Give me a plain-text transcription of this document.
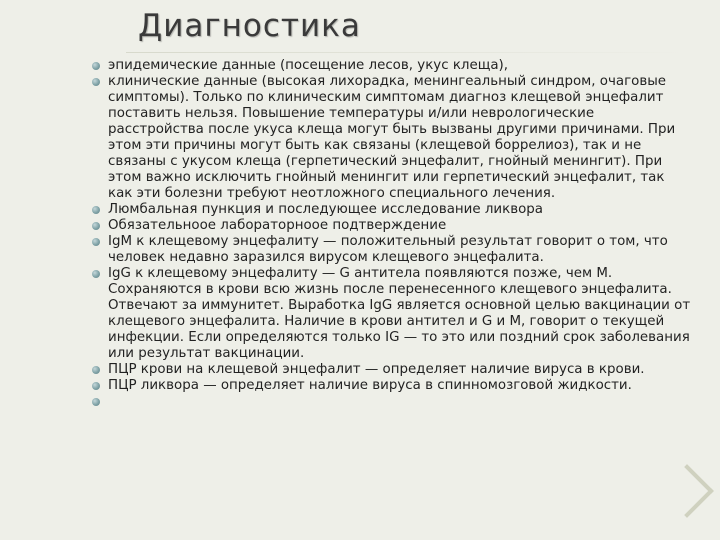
Диагностика
эпидемические данные (посещение лесов, укус клеща),
клинические данные (высокая лихорадка, менингеальный синдром, очаговые симптомы). Только по клиническим симптомам диагноз клещевой энцефалит поставить нельзя. Повышение температуры и/или неврологические расстройства после укуса клеща могут быть вызваны другими причинами. При этом эти причины могут быть как связаны (клещевой боррелиоз), так и не связаны с укусом клеща (герпетический энцефалит, гнойный менингит). При этом важно исключить гнойный менингит или герпетический энцефалит, так как эти болезни требуют неотложного специального лечения.
Люмбальная пункция и последующее исследование ликвора
Обязательноое лабораторноое подтверждение
IgM к клещевому энцефалиту — положительный результат говорит о том, что человек недавно заразился вирусом клещевого энцефалита.
IgG к клещевому энцефалиту — G антитела появляются позже, чем М. Сохраняются в крови всю жизнь после перенесенного клещевого энцефалита. Отвечают за иммунитет. Выработка IgG является основной целью вакцинации от клещевого энцефалита. Наличие в крови антител и G и M, говорит о текущей инфекции. Если определяются только IG — то это или поздний срок заболевания или результат вакцинации.
ПЦР крови на клещевой энцефалит — определяет наличие вируса в крови.
ПЦР ликвора — определяет наличие вируса в спинномозговой жидкости.
